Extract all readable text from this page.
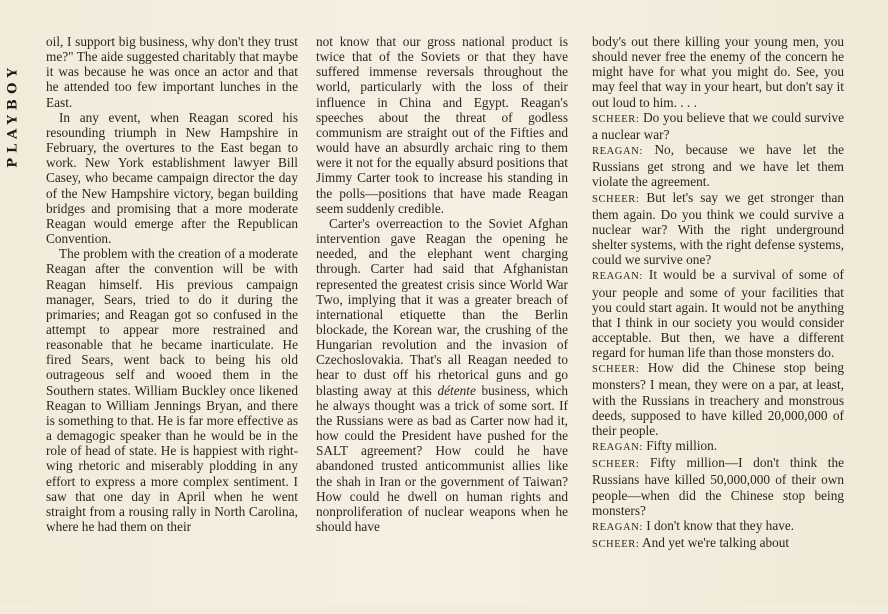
PLAYBOY

oil, I support big business, why don't they trust me?" The aide suggested charitably that maybe it was because he was once an actor and that he attended too few important lunches in the East.

In any event, when Reagan scored his resounding triumph in New Hampshire in February, the overtures to the East began to work. New York establishment lawyer Bill Casey, who became campaign director the day of the New Hampshire victory, began building bridges and promising that a more moderate Reagan would emerge after the Republican Convention.

The problem with the creation of a moderate Reagan after the convention will be with Reagan himself. His previous campaign manager, Sears, tried to do it during the primaries; and Reagan got so confused in the attempt to appear more restrained and reasonable that he became inarticulate. He fired Sears, went back to being his old outrageous self and wooed them in the Southern states. William Buckley once likened Reagan to William Jennings Bryan, and there is something to that. He is far more effective as a demagogic speaker than he would be in the role of head of state. He is happiest with right-wing rhetoric and miserably plodding in any effort to express a more complex sentiment. I saw that one day in April when he went straight from a rousing rally in North Carolina, where he had them on their

not know that our gross national product is twice that of the Soviets or that they have suffered immense reversals throughout the world, particularly with the loss of their influence in China and Egypt. Reagan's speeches about the threat of godless communism are straight out of the Fifties and would have an absurdly archaic ring to them were it not for the equally absurd positions that Jimmy Carter took to increase his standing in the polls—positions that have made Reagan seem suddenly credible.

Carter's overreaction to the Soviet Afghan intervention gave Reagan the opening he needed, and the elephant went charging through. Carter had said that Afghanistan represented the greatest crisis since World War Two, implying that it was a greater breach of international etiquette than the Berlin blockade, the Korean war, the crushing of the Hungarian revolution and the invasion of Czechoslovakia. That's all Reagan needed to hear to dust off his rhetorical guns and go blasting away at this détente business, which he always thought was a trick of some sort. If the Russians were as bad as Carter now had it, how could the President have pushed for the SALT agreement? How could he have abandoned trusted anticommunist allies like the shah in Iran or the government of Taiwan? How could he dwell on human rights and nonproliferation of nuclear weapons when he should have

body's out there killing your young men, you should never free the enemy of the concern he might have for what you might do. See, you may feel that way in your heart, but don't say it out loud to him. . . .

SCHEER: Do you believe that we could survive a nuclear war?

REAGAN: No, because we have let the Russians get strong and we have let them violate the agreement.

SCHEER: But let's say we get stronger than them again. Do you think we could survive a nuclear war? With the right underground shelter systems, with the right defense systems, could we survive one?

REAGAN: It would be a survival of some of your people and some of your facilities that you could start again. It would not be anything that I think in our society you would consider acceptable. But then, we have a different regard for human life than those monsters do.

SCHEER: How did the Chinese stop being monsters? I mean, they were on a par, at least, with the Russians in treachery and monstrous deeds, supposed to have killed 20,000,000 of their people.

REAGAN: Fifty million.

SCHEER: Fifty million—I don't think the Russians have killed 50,000,000 of their own people—when did the Chinese stop being monsters?

REAGAN: I don't know that they have.

SCHEER: And yet we're talking about
